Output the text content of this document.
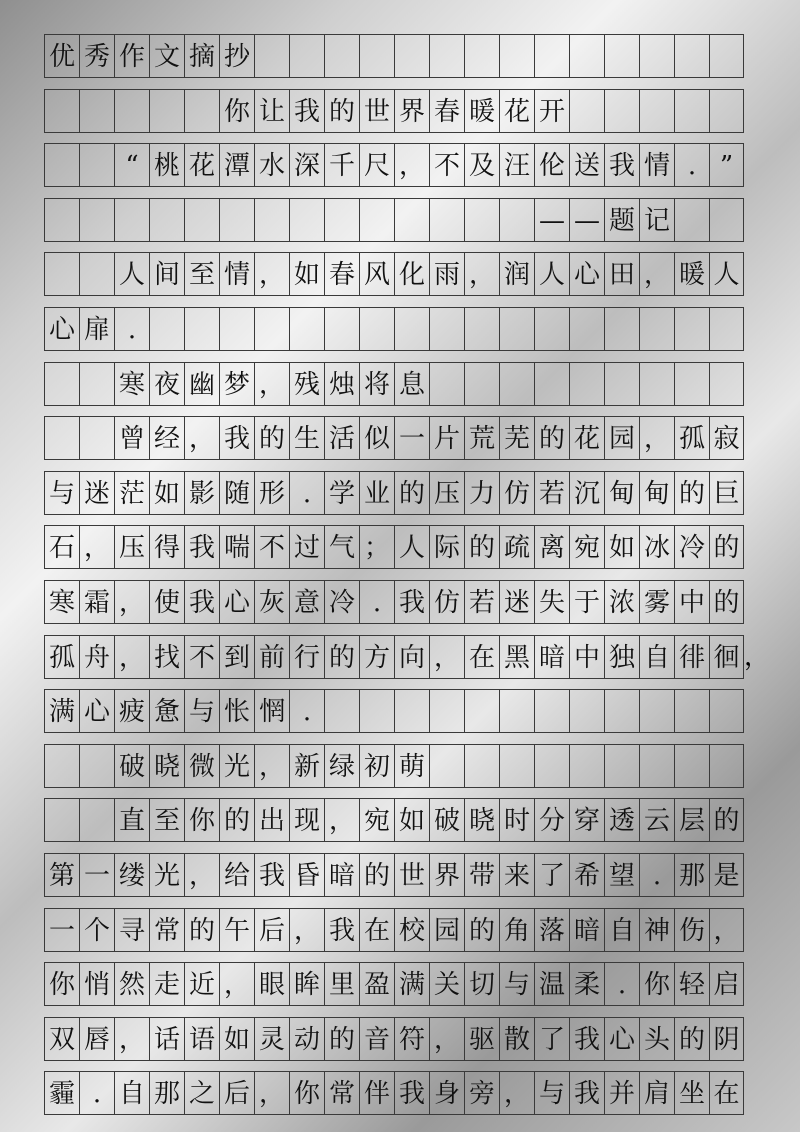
优 秀 作 文 摘 抄
你 让 我 的 世 界 春 暖 花 开
“ 桃 花 潭 水 深 千 尺 ， 不 及 汪 伦 送 我 情 . ”
— — 题 记
人 间 至 情 ， 如 春 风 化 雨 ， 润 人 心 田 ， 暖 人
心 扉 .
寒 夜 幽 梦 ， 残 烛 将 息
曾 经 ， 我 的 生 活 似 一 片 荒 芜 的 花 园 ， 孤 寂
与 迷 茫 如 影 随 形 . 学 业 的 压 力 仿 若 沉 甸 甸 的 巨
石 ， 压 得 我 喘 不 过 气 ； 人 际 的 疏 离 宛 如 冰 冷 的
寒 霜 ， 使 我 心 灰 意 冷 . 我 仿 若 迷 失 于 浓 雾 中 的
孤 舟 ， 找 不 到 前 行 的 方 向 ， 在 黑 暗 中 独 自 徘 徊 ，
满 心 疲 惫 与 怅 惘 .
破 晓 微 光 ， 新 绿 初 萌
直 至 你 的 出 现 ， 宛 如 破 晓 时 分 穿 透 云 层 的
第 一 缕 光 ， 给 我 昏 暗 的 世 界 带 来 了 希 望 . 那 是
一 个 寻 常 的 午 后 ， 我 在 校 园 的 角 落 暗 自 神 伤 ，
你 悄 然 走 近 ， 眼 眸 里 盈 满 关 切 与 温 柔 . 你 轻 启
双 唇 ， 话 语 如 灵 动 的 音 符 ， 驱 散 了 我 心 头 的 阴
霾 . 自 那 之 后 ， 你 常 伴 我 身 旁 ， 与 我 并 肩 坐 在
